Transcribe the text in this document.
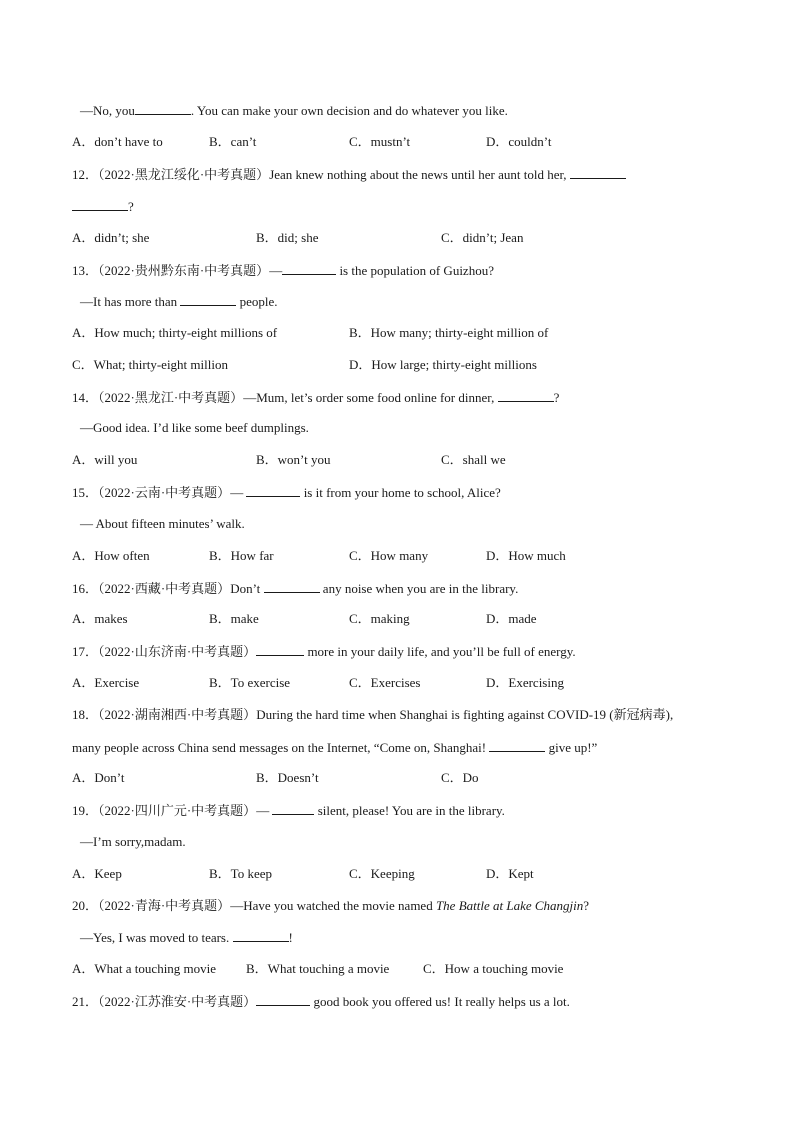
—No, you	. You can make your own decision and do whatever you like.
A．don’t have to	B．can’t	C．mustn’t	D．couldn’t
12．（2022·黑龙江绥化·中考真题）Jean knew nothing about the news until her aunt told her,
?
A．didn’t; she	B．did; she	C．didn’t; Jean
13．（2022·贵州黔东南·中考真题）—	is the population of Guizhou?
—It has more than	people.
A．How much; thirty-eight millions of	B．How many; thirty-eight million of
C．What; thirty-eight million	D．How large; thirty-eight millions
14．（2022·黑龙江·中考真题）—Mum, let’s order some food online for dinner,	?
—Good idea. I’d like some beef dumplings.
A．will you	B．won’t you	C．shall we
15．（2022·云南·中考真题）—	is it from your home to school, Alice?
— About fifteen minutes’ walk.
A．How often	B．How far	C．How many	D．How much
16．（2022·西藏·中考真题）Don’t	any noise when you are in the library.
A．makes	B．make	C．making	D．made
17．（2022·山东济南·中考真题）	more in your daily life, and you’ll be full of energy.
A．Exercise	B．To exercise	C．Exercises	D．Exercising
18．（2022·湖南湘西·中考真题）During the hard time when Shanghai is fighting against COVID-19 (新冠病毒),
many people across China send messages on the Internet, “Come on, Shanghai!	give up!”
A．Don’t	B．Doesn’t	C．Do
19．（2022·四川广元·中考真题）—	silent, please! You are in the library.
—I’m sorry,madam.
A．Keep	B．To keep	C．Keeping	D．Kept
20．（2022·青海·中考真题）—Have you watched the movie named The Battle at Lake Changjin?
—Yes, I was moved to tears.	!
A．What a touching movie B．What touching a movie	C．How a touching movie
21．（2022·江苏淮安·中考真题）	good book you offered us! It really helps us a lot.
